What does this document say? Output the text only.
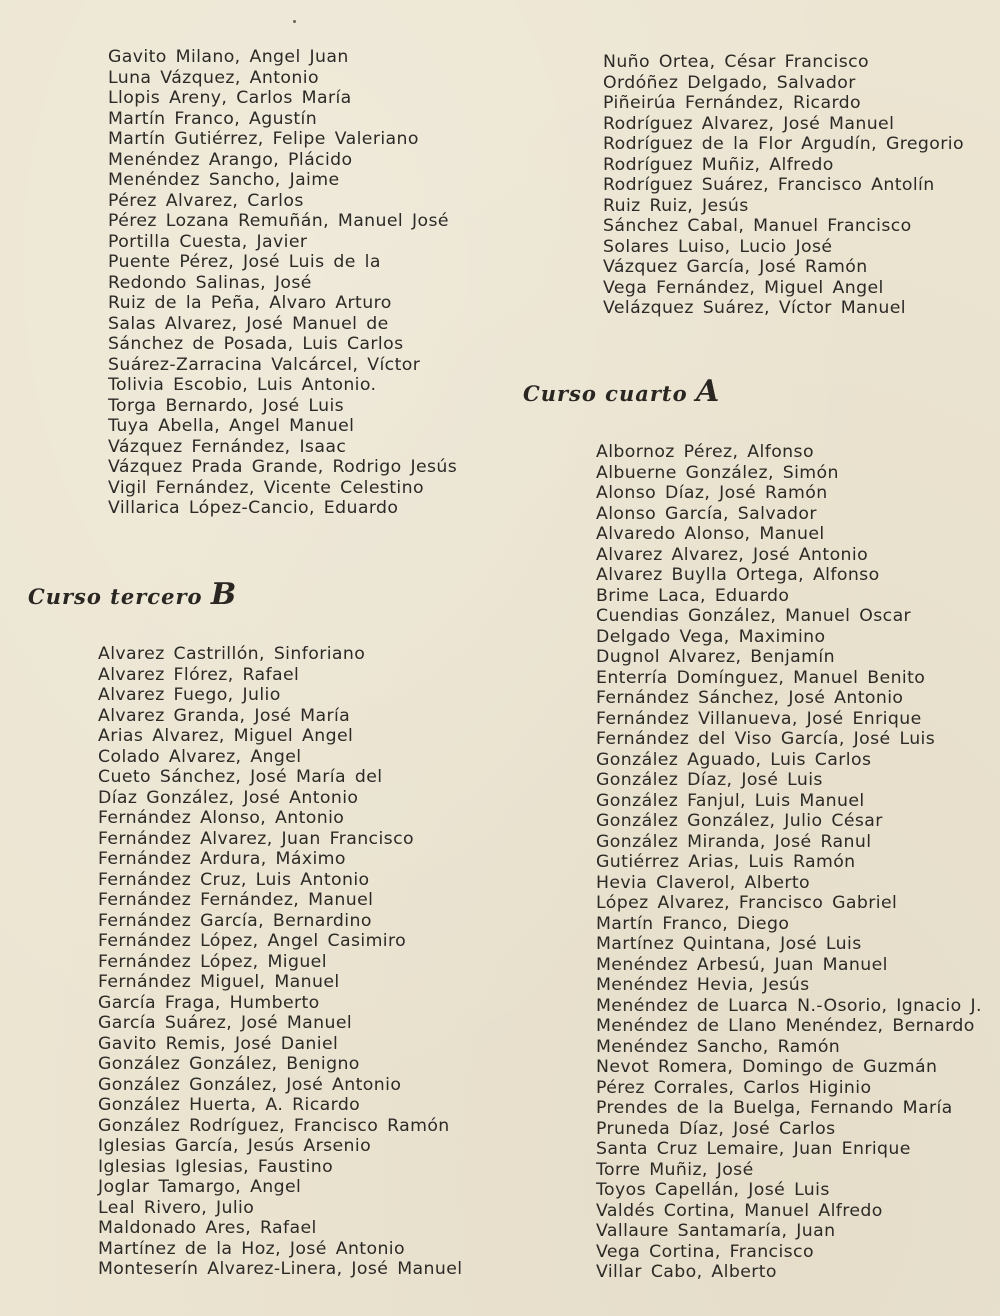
Gavito Milano, Angel Juan
Luna Vázquez, Antonio
Llopis Areny, Carlos María
Martín Franco, Agustín
Martín Gutiérrez, Felipe Valeriano
Menéndez Arango, Plácido
Menéndez Sancho, Jaime
Pérez Alvarez, Carlos
Pérez Lozana Remuñán, Manuel José
Portilla Cuesta, Javier
Puente Pérez, José Luis de la
Redondo Salinas, José
Ruiz de la Peña, Alvaro Arturo
Salas Alvarez, José Manuel de
Sánchez de Posada, Luis Carlos
Suárez-Zarracina Valcárcel, Víctor
Tolivia Escobio, Luis Antonio.
Torga Bernardo, José Luis
Tuya Abella, Angel Manuel
Vázquez Fernández, Isaac
Vázquez Prada Grande, Rodrigo Jesús
Vigil Fernández, Vicente Celestino
Villarica López-Cancio, Eduardo
Curso tercero B
Alvarez Castrillón, Sinforiano
Alvarez Flórez, Rafael
Alvarez Fuego, Julio
Alvarez Granda, José María
Arias Alvarez, Miguel Angel
Colado Alvarez, Angel
Cueto Sánchez, José María del
Díaz González, José Antonio
Fernández Alonso, Antonio
Fernández Alvarez, Juan Francisco
Fernández Ardura, Máximo
Fernández Cruz, Luis Antonio
Fernández Fernández, Manuel
Fernández García, Bernardino
Fernández López, Angel Casimiro
Fernández López, Miguel
Fernández Miguel, Manuel
García Fraga, Humberto
García Suárez, José Manuel
Gavito Remis, José Daniel
González González, Benigno
González González, José Antonio
González Huerta, A. Ricardo
González Rodríguez, Francisco Ramón
Iglesias García, Jesús Arsenio
Iglesias Iglesias, Faustino
Joglar Tamargo, Angel
Leal Rivero, Julio
Maldonado Ares, Rafael
Martínez de la Hoz, José Antonio
Monteserín Alvarez-Linera, José Manuel
Nuño Ortea, César Francisco
Ordóñez Delgado, Salvador
Piñeirúa Fernández, Ricardo
Rodríguez Alvarez, José Manuel
Rodríguez de la Flor Argudín, Gregorio
Rodríguez Muñiz, Alfredo
Rodríguez Suárez, Francisco Antolín
Ruiz Ruiz, Jesús
Sánchez Cabal, Manuel Francisco
Solares Luiso, Lucio José
Vázquez García, José Ramón
Vega Fernández, Miguel Angel
Velázquez Suárez, Víctor Manuel
Curso cuarto A
Albornoz Pérez, Alfonso
Albuerne González, Simón
Alonso Díaz, José Ramón
Alonso García, Salvador
Alvaredo Alonso, Manuel
Alvarez Alvarez, José Antonio
Alvarez Buylla Ortega, Alfonso
Brime Laca, Eduardo
Cuendias González, Manuel Oscar
Delgado Vega, Maximino
Dugnol Alvarez, Benjamín
Enterría Domínguez, Manuel Benito
Fernández Sánchez, José Antonio
Fernández Villanueva, José Enrique
Fernández del Viso García, José Luis
González Aguado, Luis Carlos
González Díaz, José Luis
González Fanjul, Luis Manuel
González González, Julio César
González Miranda, José Ranul
Gutiérrez Arias, Luis Ramón
Hevia Claverol, Alberto
López Alvarez, Francisco Gabriel
Martín Franco, Diego
Martínez Quintana, José Luis
Menéndez Arbesú, Juan Manuel
Menéndez Hevia, Jesús
Menéndez de Luarca N.-Osorio, Ignacio J.
Menéndez de Llano Menéndez, Bernardo
Menéndez Sancho, Ramón
Nevot Romera, Domingo de Guzmán
Pérez Corrales, Carlos Higinio
Prendes de la Buelga, Fernando María
Pruneda Díaz, José Carlos
Santa Cruz Lemaire, Juan Enrique
Torre Muñiz, José
Toyos Capellán, José Luis
Valdés Cortina, Manuel Alfredo
Vallaure Santamaría, Juan
Vega Cortina, Francisco
Villar Cabo, Alberto
